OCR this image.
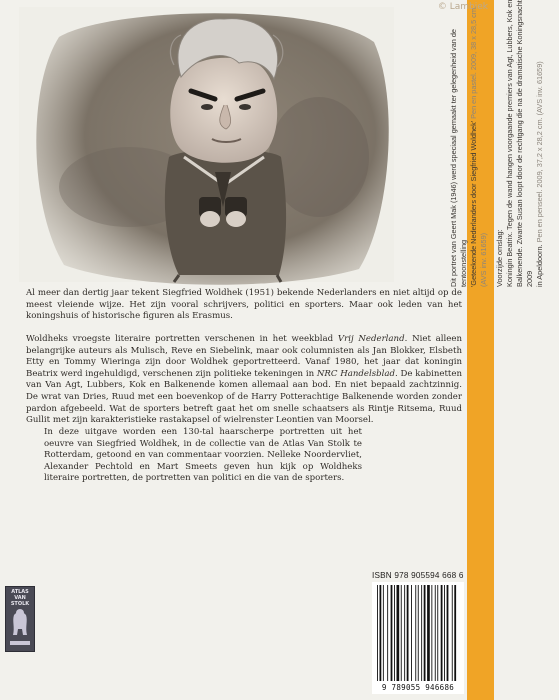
© Lambiek

Dit portret van Geert Mak (1946) werd speciaal gemaakt ter gelegenheid van de tentoonstelling 'Geteekende Nederlanders door Siegfried Woldhek' Pen en pastel. 2009, 38 x 28,5 cm. (AVS inv. 61659) Voorzijde omslag: Koningin Beatrix. Tegen de wand hangen voorgaande premiers van Agt, Lubbers, Kok en Balkenende. Zwarte Susan loopt door de rechtgang die na de dramatische Koningsnacht 2009 in Apeldoorn. Pen en penseel. 2009, 37,2 x 28,2 cm. (AVS inv. 61659)

Al meer dan dertig jaar tekent Siegfried Woldhek (1951) bekende Nederlanders en niet altijd op de meest vleiende wijze. Het zijn vooral schrijvers, politici en sporters. Maar ook leden van het koningshuis of historische figuren als Erasmus.

Woldheks vroegste literaire portretten verschenen in het weekblad Vrij Nederland. Niet alleen belangrijke auteurs als Mulisch, Reve en Siebelink, maar ook columnisten als Jan Blokker, Elsbeth Etty en Tommy Wieringa zijn door Woldhek geportretteerd. Vanaf 1980, het jaar dat koningin Beatrix werd ingehuldigd, verschenen zijn politieke tekeningen in NRC Handelsblad. De kabinetten van Van Agt, Lubbers, Kok en Balkenende komen allemaal aan bod. En niet bepaald zachtzinnig. De wrat van Dries, Ruud met een boevenkop of de Harry Potterachtige Balkenende worden zonder pardon afgebeeld. Wat de sporters betreft gaat het om snelle schaatsers als Rintje Ritsema, Ruud Gullit met zijn karakteristieke rastakapsel of wielrenster Leontien van Moorsel.

In deze uitgave worden een 130-tal haarscherpe portretten uit het oeuvre van Siegfried Woldhek, in de collectie van de Atlas Van Stolk te Rotterdam, getoond en van commentaar voorzien. Nelleke Noordervliet, Alexander Pechtold en Mart Smeets geven hun kijk op Woldheks literaire portretten, de portretten van politici en die van de sporters.

ATLAS
VAN
STOLK
ISBN 978 905594 668 6
9 789055 946686
